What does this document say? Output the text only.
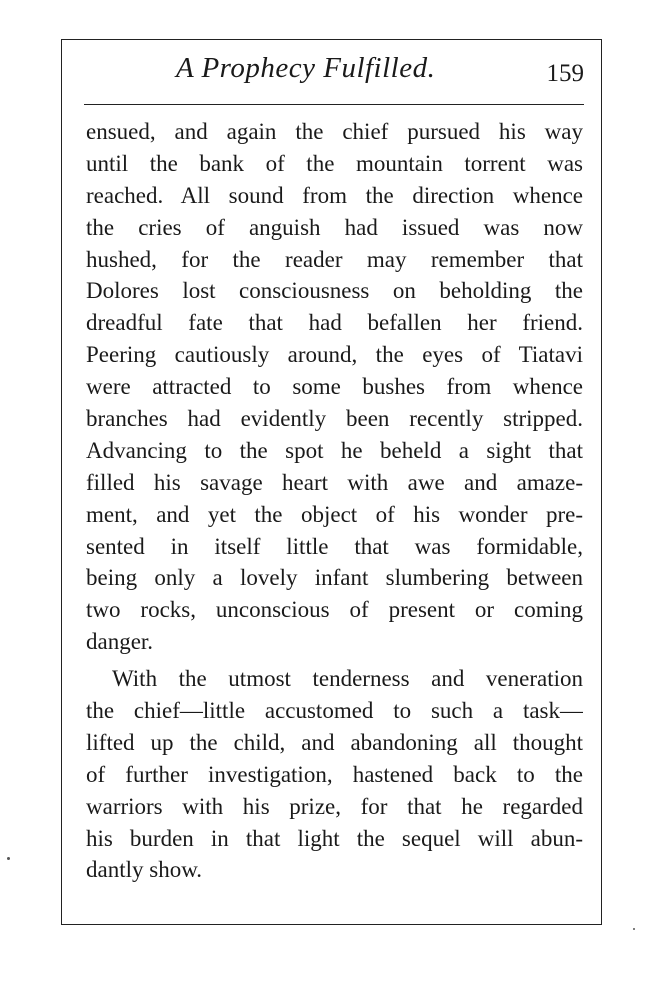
A Prophecy Fulfilled.	159
ensued, and again the chief pursued his way
until the bank of the mountain torrent was
reached. All sound from the direction whence
the cries of anguish had issued was now
hushed, for the reader may remember that
Dolores lost consciousness on beholding the
dreadful fate that had befallen her friend.
Peering cautiously around, the eyes of Tiatavi
were attracted to some bushes from whence
branches had evidently been recently stripped.
Advancing to the spot he beheld a sight that
filled his savage heart with awe and amaze-
ment, and yet the object of his wonder pre-
sented in itself little that was formidable,
being only a lovely infant slumbering between
two rocks, unconscious of present or coming
danger.
With the utmost tenderness and veneration
the chief—little accustomed to such a task—
lifted up the child, and abandoning all thought
of further investigation, hastened back to the
warriors with his prize, for that he regarded
his burden in that light the sequel will abun-
dantly show.
